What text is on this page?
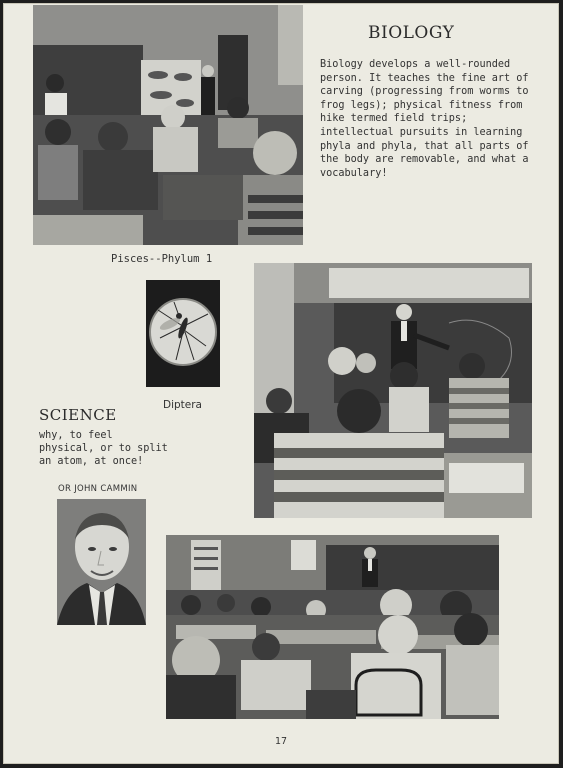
BIOLOGY

Biology develops a well-rounded person. It teaches the fine art of carving (progressing from worms to frog legs); physical fitness from hike termed field trips; intellectual pursuits in learning phyla and phyla, that all parts of the body are removable, and what a vocabulary!

Pisces--Phylum 1

Diptera

SCIENCE

why, to feel physical, or to split an atom, at once!

OR JOHN CAMMIN

17
